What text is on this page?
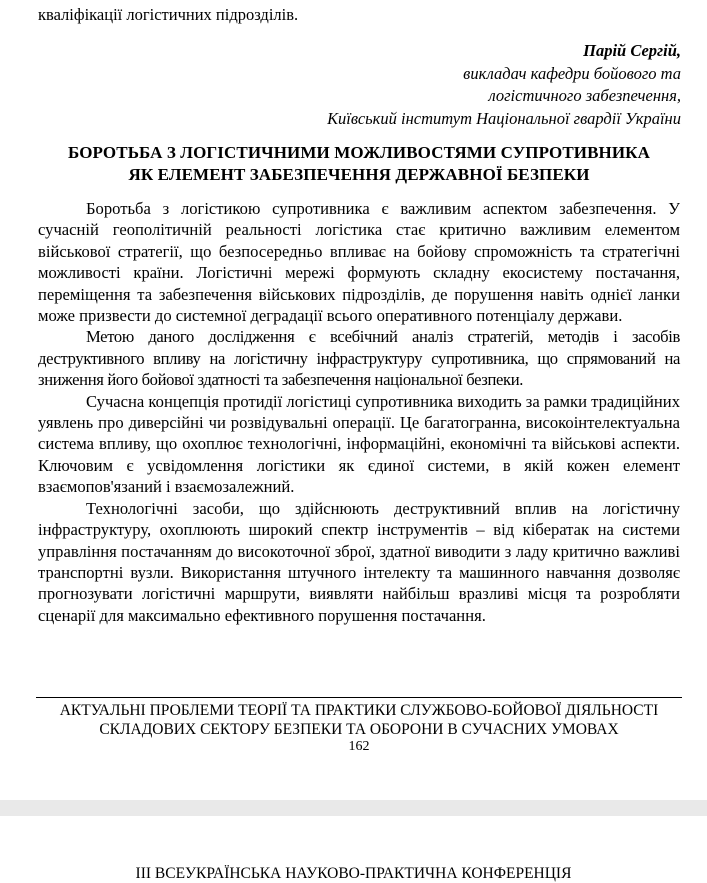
кваліфікації логістичних підрозділів.
Парій Сергій,
викладач кафедри бойового та
логістичного забезпечення,
Київський інститут Національної гвардії України
БОРОТЬБА З ЛОГІСТИЧНИМИ МОЖЛИВОСТЯМИ СУПРОТИВНИКА
ЯК ЕЛЕМЕНТ ЗАБЕЗПЕЧЕННЯ ДЕРЖАВНОЇ БЕЗПЕКИ

Боротьба з логістикою супротивника є важливим аспектом забезпечення. У сучасній геополітичній реальності логістика стає критично важливим елементом військової стратегії, що безпосередньо впливає на бойову спроможність та стратегічні можливості країни. Логістичні мережі формують складну екосистему постачання, переміщення та забезпечення військових підрозділів, де порушення навіть однієї ланки може призвести до системної деградації всього оперативного потенціалу держави.

Метою даного дослідження є всебічний аналіз стратегій, методів і засобів деструктивного впливу на логістичну інфраструктуру супротивника, що спрямований на зниження його бойової здатності та забезпечення національної безпеки.

Сучасна концепція протидії логістиці супротивника виходить за рамки традиційних уявлень про диверсійні чи розвідувальні операції. Це багатогранна, високоінтелектуальна система впливу, що охоплює технологічні, інформаційні, економічні та військові аспекти. Ключовим є усвідомлення логістики як єдиної системи, в якій кожен елемент взаємопов'язаний і взаємозалежний.

Технологічні засоби, що здійснюють деструктивний вплив на логістичну інфраструктуру, охоплюють широкий спектр інструментів – від кібератак на системи управління постачанням до високоточної зброї, здатної виводити з ладу критично важливі транспортні вузли. Використання штучного інтелекту та машинного навчання дозволяє прогнозувати логістичні маршрути, виявляти найбільш вразливі місця та розробляти сценарії для максимально ефективного порушення постачання.

АКТУАЛЬНІ ПРОБЛЕМИ ТЕОРІЇ ТА ПРАКТИКИ СЛУЖБОВО-БОЙОВОЇ ДІЯЛЬНОСТІ
СКЛАДОВИХ СЕКТОРУ БЕЗПЕКИ ТА ОБОРОНИ В СУЧАСНИХ УМОВАХ
162
ІІІ ВСЕУКРАЇНСЬКА НАУКОВО-ПРАКТИЧНА КОНФЕРЕНЦІЯ
